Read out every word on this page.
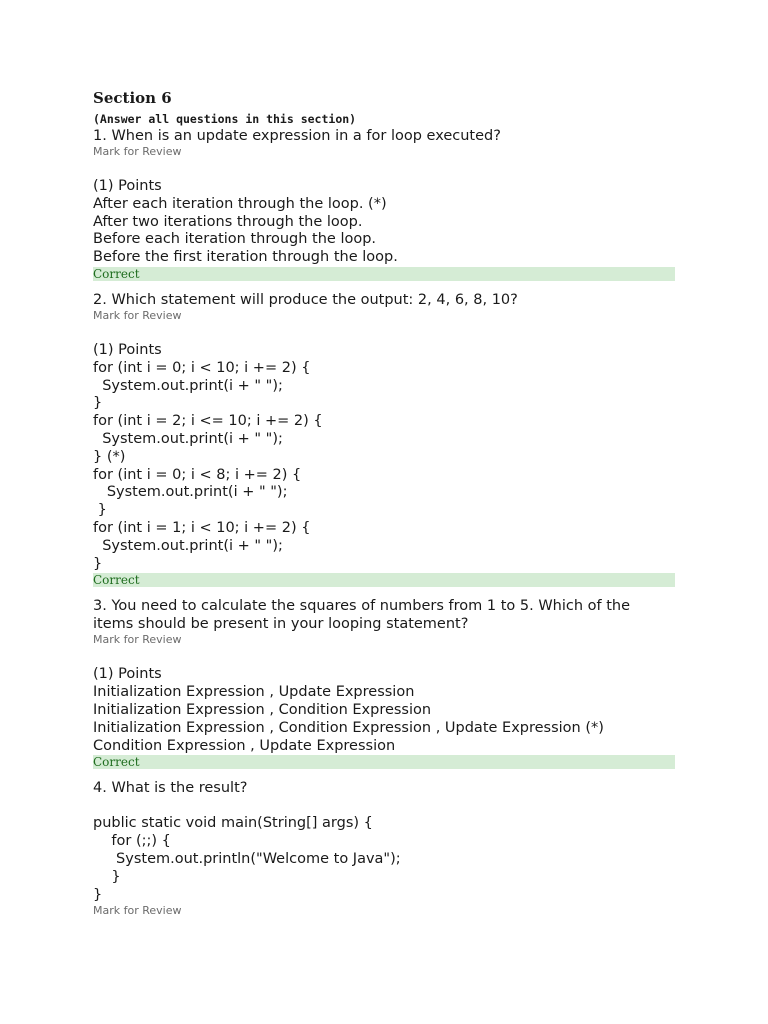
Section 6
(Answer all questions in this section)
1. When is an update expression in a for loop executed?
Mark for Review
(1) Points
After each iteration through the loop. (*)
After two iterations through the loop.
Before each iteration through the loop.
Before the first iteration through the loop.
Correct
2. Which statement will produce the output: 2, 4, 6, 8, 10?
Mark for Review
(1) Points
for (int i = 0; i < 10; i += 2) {
System.out.print(i + " ");
}
for (int i = 2; i <= 10; i += 2) {
System.out.print(i + " ");
} (*)
for (int i = 0; i < 8; i += 2) {
System.out.print(i + " ");
}
for (int i = 1; i < 10; i += 2) {
System.out.print(i + " ");
}
Correct
3. You need to calculate the squares of numbers from 1 to 5. Which of the
items should be present in your looping statement?
Mark for Review
(1) Points
Initialization Expression , Update Expression
Initialization Expression , Condition Expression
Initialization Expression , Condition Expression , Update Expression (*)
Condition Expression , Update Expression
Correct
4. What is the result?
public static void main(String[] args) {
for (;;) {
System.out.println("Welcome to Java");
}
}
Mark for Review
